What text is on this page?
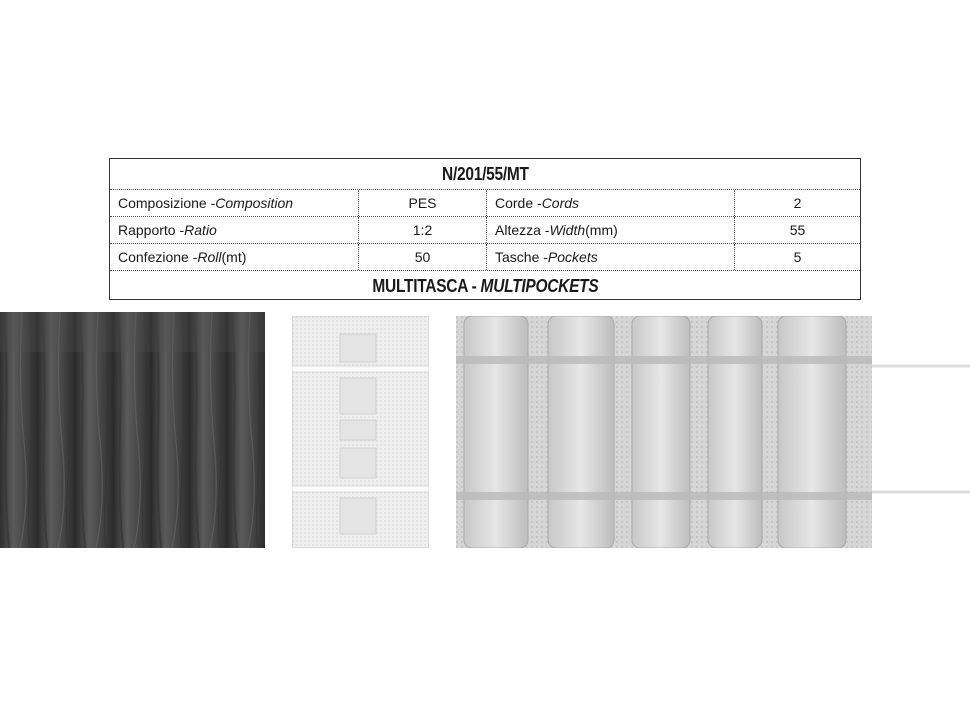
N/201/55/MT
Composizione - Composition	PES	Corde - Cords	2
Rapporto - Ratio	1:2	Altezza - Width (mm)	55
Confezione - Roll (mt)	50	Tasche - Pockets	5
MULTITASCA - MULTIPOCKETS
